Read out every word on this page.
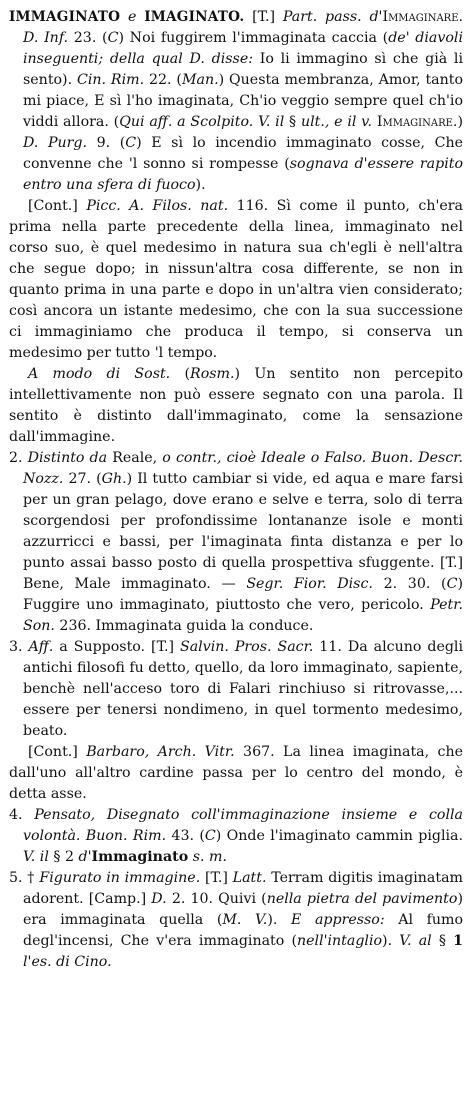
IMMAGINATO e IMAGINATO. [T.] Part. pass. d'Immaginare. D. Inf. 23. (C) Noi fuggirem l'immaginata caccia (de' diavoli inseguenti; della qual D. disse: Io li immagino sì che già li sento). Cin. Rim. 22. (Man.) Questa membranza, Amor, tanto mi piace, E sì l'ho imaginata, Ch'io veggio sempre quel ch'io viddi allora. (Qui aff. a Scolpito. V. il § ult., e il v. Immaginare.) D. Purg. 9. (C) E sì lo incendio immaginato cosse, Che convenne che 'l sonno si rompesse (sognava d'essere rapito entro una sfera di fuoco).

[Cont.] Picc. A. Filos. nat. 116. Sì come il punto, ch'era prima nella parte precedente della linea, immaginato nel corso suo, è quel medesimo in natura sua ch'egli è nell'altra che segue dopo; in nissun'altra cosa differente, se non in quanto prima in una parte e dopo in un'altra vien considerato; così ancora un istante medesimo, che con la sua successione ci immaginiamo che produca il tempo, si conserva un medesimo per tutto 'l tempo.

A modo di Sost. (Rosm.) Un sentito non percepito intellettivamente non può essere segnato con una parola. Il sentito è distinto dall'immaginato, come la sensazione dall'immagine.

2. Distinto da Reale, o contr., cioè Ideale o Falso. Buon. Descr. Nozz. 27. (Gh.) Il tutto cambiar si vide, ed aqua e mare farsi per un gran pelago, dove erano e selve e terra, solo di terra scorgendosi per profondissime lontananze isole e monti azzurricci e bassi, per l'imaginata finta distanza e per lo punto assai basso posto di quella prospettiva sfuggente. [T.] Bene, Male immaginato. — Segr. Fior. Disc. 2. 30. (C) Fuggire uno immaginato, piuttosto che vero, pericolo. Petr. Son. 236. Immaginata guida la conduce.

3. Aff. a Supposto. [T.] Salvin. Pros. Sacr. 11. Da alcuno degli antichi filosofi fu detto, quello, da loro immaginato, sapiente, benchè nell'acceso toro di Falari rinchiuso si ritrovasse,... essere per tenersi nondimeno, in quel tormento medesimo, beato.

[Cont.] Barbaro, Arch. Vitr. 367. La linea imaginata, che dall'uno all'altro cardine passa per lo centro del mondo, è detta asse.

4. Pensato, Disegnato coll'immaginazione insieme e colla volontà. Buon. Rim. 43. (C) Onde l'imaginato cammin piglia. V. il § 2 d'Immaginato s. m.

5. † Figurato in immagine. [T.] Latt. Terram digitis imaginatam adorent. [Camp.] D. 2. 10. Quivi (nella pietra del pavimento) era immaginata quella (M. V.). E appresso: Al fumo degl'incensi, Che v'era immaginato (nell'intaglio). V. al § 1 l'es. di Cino.
